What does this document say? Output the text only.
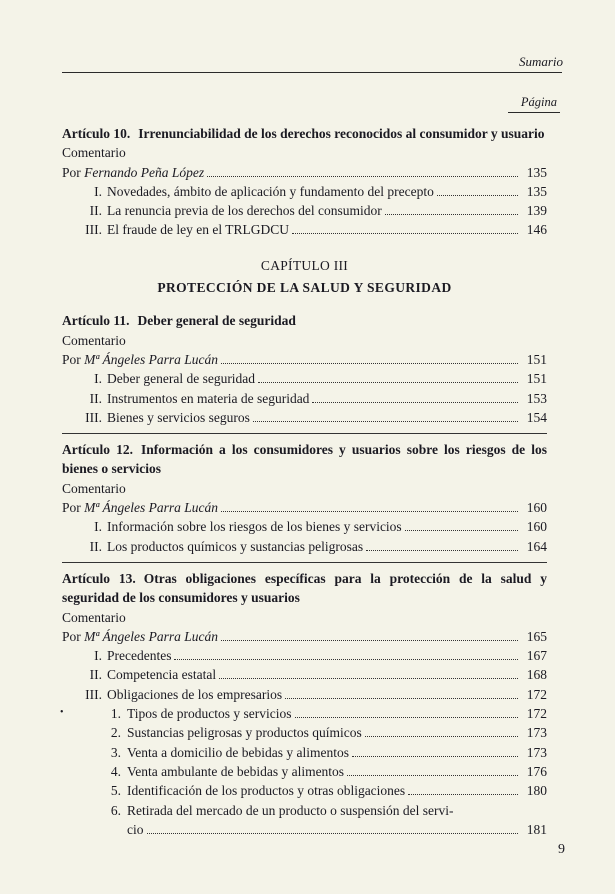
Sumario
Página

Artículo 10. Irrenunciabilidad de los derechos reconocidos al consumidor y usuario

Comentario

Por Fernando Peña López	135
I. Novedades, ámbito de aplicación y fundamento del precepto	135
II. La renuncia previa de los derechos del consumidor	139
III. El fraude de ley en el TRLGDCU	146

CAPÍTULO III

PROTECCIÓN DE LA SALUD Y SEGURIDAD

Artículo 11. Deber general de seguridad

Comentario

Por Mª Ángeles Parra Lucán	151
I. Deber general de seguridad	151
II. Instrumentos en materia de seguridad	153
III. Bienes y servicios seguros	154

Artículo 12. Información a los consumidores y usuarios sobre los riesgos de los bienes o servicios

Comentario

Por Mª Ángeles Parra Lucán	160
I. Información sobre los riesgos de los bienes y servicios	160
II. Los productos químicos y sustancias peligrosas	164

Artículo 13. Otras obligaciones específicas para la protección de la salud y seguridad de los consumidores y usuarios

Comentario

Por Mª Ángeles Parra Lucán	165
I. Precedentes	167
II. Competencia estatal	168
III. Obligaciones de los empresarios	172
1. Tipos de productos y servicios	172
2. Sustancias peligrosas y productos químicos	173
3. Venta a domicilio de bebidas y alimentos	173
4. Venta ambulante de bebidas y alimentos	176
5. Identificación de los productos y otras obligaciones	180
6. Retirada del mercado de un producto o suspensión del servi-
cio	181
•
9
